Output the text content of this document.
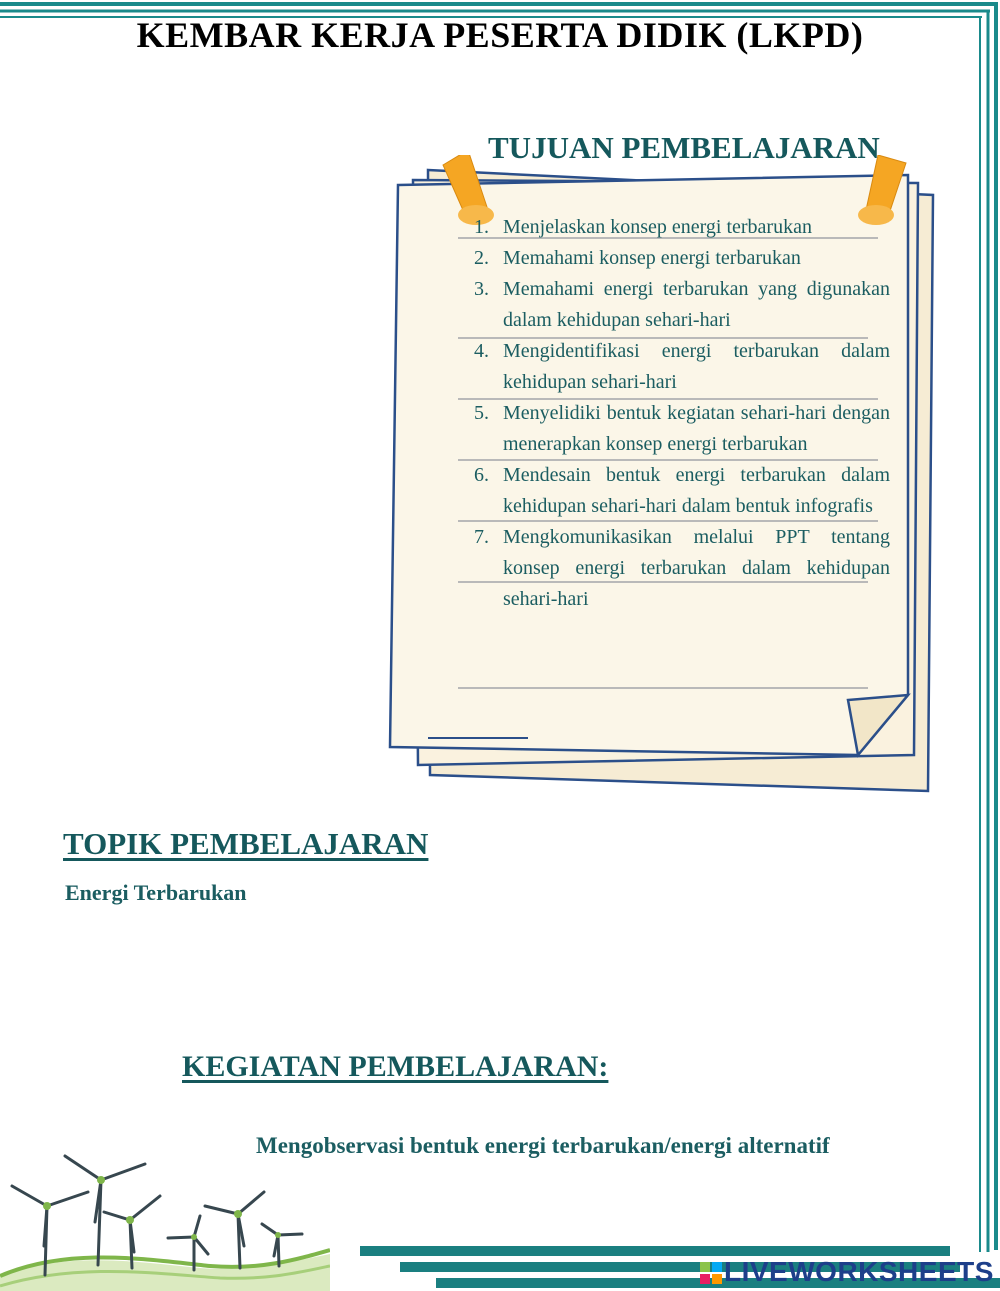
KEMBAR KERJA PESERTA DIDIK (LKPD)
TUJUAN PEMBELAJARAN
1. Menjelaskan konsep energi terbarukan
2. Memahami konsep energi terbarukan
3. Memahami energi terbarukan yang digunakan dalam kehidupan sehari-hari
4. Mengidentifikasi energi terbarukan dalam kehidupan sehari-hari
5. Menyelidiki bentuk kegiatan sehari-hari dengan menerapkan konsep energi terbarukan
6. Mendesain bentuk energi terbarukan dalam kehidupan sehari-hari dalam bentuk infografis
7. Mengkomunikasikan melalui PPT tentang konsep energi terbarukan dalam kehidupan sehari-hari
TOPIK PEMBELAJARAN
Energi Terbarukan
KEGIATAN PEMBELAJARAN:
Mengobservasi bentuk energi terbarukan/energi alternatif
LIVEWORKSHEETS
